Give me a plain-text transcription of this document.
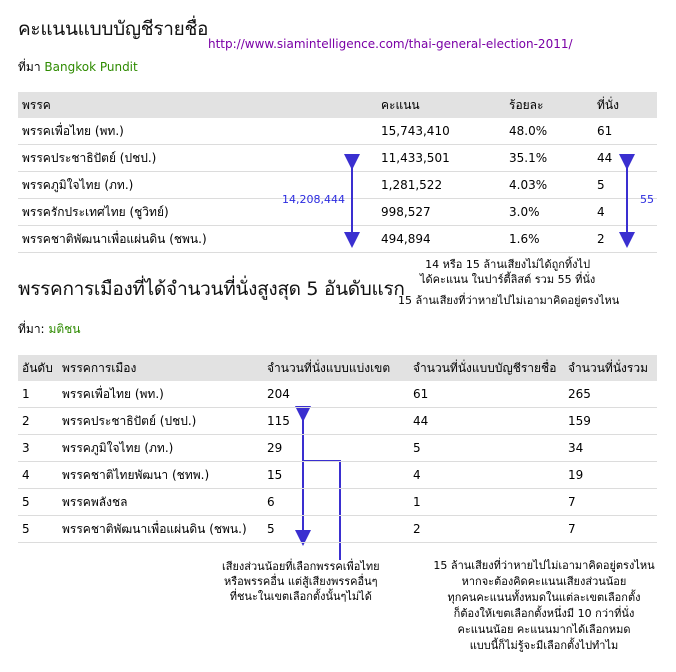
คะแนนแบบบัญชีรายชื่อ
http://www.siamintelligence.com/thai-general-election-2011/
ที่มา Bangkok Pundit
พรรค	คะแนน	ร้อยละ	ที่นั่ง
พรรคเพื่อไทย (พท.)	15,743,410	48.0%	61
พรรคประชาธิปัตย์ (ปชป.)	11,433,501	35.1%	44
พรรคภูมิใจไทย (ภท.)	1,281,522	4.03%	5
พรรครักประเทศไทย (ชูวิทย์)	998,527	3.0%	4
พรรคชาติพัฒนาเพื่อแผ่นดิน (ชพน.)	494,894	1.6%	2
14,208,444	55
14 หรือ 15 ล้านเสียงไม่ได้ถูกทิ้งไป
ได้คะแนน ในปาร์ตี้ลิสต์ รวม 55 ที่นั่ง
15 ล้านเสียงที่ว่าหายไปไม่เอามาคิดอยู่ตรงไหน
พรรคการเมืองที่ได้จำนวนที่นั่งสูงสุด 5 อันดับแรก
ที่มา: มติชน
อันดับ	พรรคการเมือง	จำนวนที่นั่งแบบแบ่งเขต	จำนวนที่นั่งแบบบัญชีรายชื่อ	จำนวนที่นั่งรวม
1	พรรคเพื่อไทย (พท.)	204	61	265
2	พรรคประชาธิปัตย์ (ปชป.)	115	44	159
3	พรรคภูมิใจไทย (ภท.)	29	5	34
4	พรรคชาติไทยพัฒนา (ชทพ.)	15	4	19
5	พรรคพลังชล	6	1	7
5	พรรคชาติพัฒนาเพื่อแผ่นดิน (ชพน.)	5	2	7
เสียงส่วนน้อยที่เลือกพรรคเพื่อไทย
หรือพรรคอื่น แต่สู้เสียงพรรคอื่นๆ
ที่ชนะในเขตเลือกตั้งนั้นๆไม่ได้
15 ล้านเสียงที่ว่าหายไปไม่เอามาคิดอยู่ตรงไหน
หากจะต้องคิดคะแนนเสียงส่วนน้อย
ทุกคนคะแนนทั้งหมดในแต่ละเขตเลือกตั้ง
ก็ต้องให้เขตเลือกตั้งหนึ่งมี 10 กว่าที่นั่ง
คะแนนน้อย คะแนนมากได้เลือกหมด
แบบนี้ก็ไม่รู้จะมีเลือกตั้งไปทำไม
